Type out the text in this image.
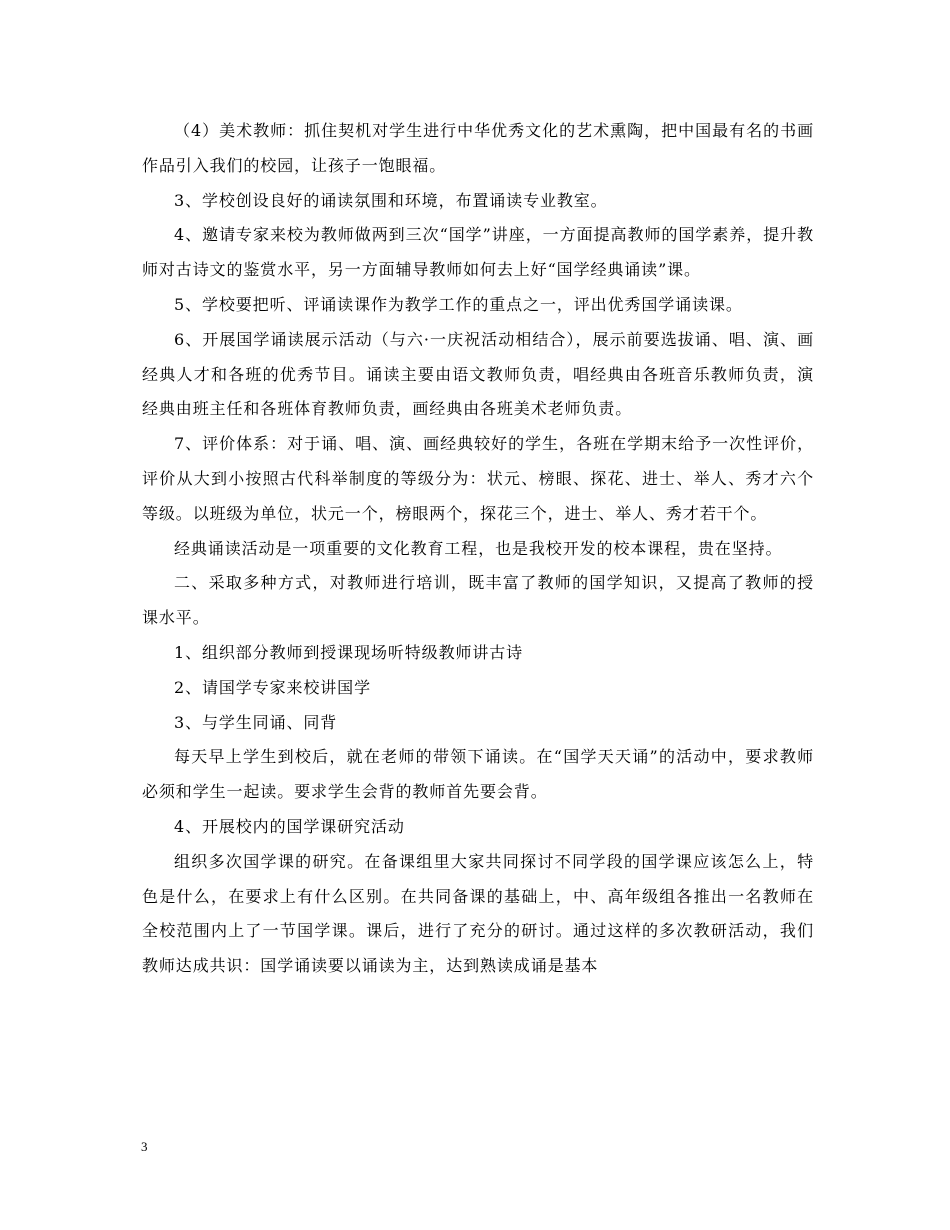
（4）美术教师：抓住契机对学生进行中华优秀文化的艺术熏陶，把中国最有名的书画作品引入我们的校园，让孩子一饱眼福。

3、学校创设良好的诵读氛围和环境，布置诵读专业教室。

4、邀请专家来校为教师做两到三次“国学”讲座，一方面提高教师的国学素养，提升教师对古诗文的鉴赏水平，另一方面辅导教师如何去上好“国学经典诵读”课。

5、学校要把听、评诵读课作为教学工作的重点之一，评出优秀国学诵读课。

6、开展国学诵读展示活动（与六·一庆祝活动相结合），展示前要选拔诵、唱、演、画经典人才和各班的优秀节目。诵读主要由语文教师负责，唱经典由各班音乐教师负责，演经典由班主任和各班体育教师负责，画经典由各班美术老师负责。

7、评价体系：对于诵、唱、演、画经典较好的学生，各班在学期末给予一次性评价，评价从大到小按照古代科举制度的等级分为：状元、榜眼、探花、进士、举人、秀才六个等级。以班级为单位，状元一个，榜眼两个，探花三个，进士、举人、秀才若干个。

经典诵读活动是一项重要的文化教育工程，也是我校开发的校本课程，贵在坚持。

二、采取多种方式，对教师进行培训，既丰富了教师的国学知识，又提高了教师的授课水平。

1、组织部分教师到授课现场听特级教师讲古诗

2、请国学专家来校讲国学

3、与学生同诵、同背

每天早上学生到校后，就在老师的带领下诵读。在“国学天天诵”的活动中，要求教师必须和学生一起读。要求学生会背的教师首先要会背。

4、开展校内的国学课研究活动

组织多次国学课的研究。在备课组里大家共同探讨不同学段的国学课应该怎么上，特色是什么，在要求上有什么区别。在共同备课的基础上，中、高年级组各推出一名教师在全校范围内上了一节国学课。课后，进行了充分的研讨。通过这样的多次教研活动，我们教师达成共识：国学诵读要以诵读为主，达到熟读成诵是基本

3
